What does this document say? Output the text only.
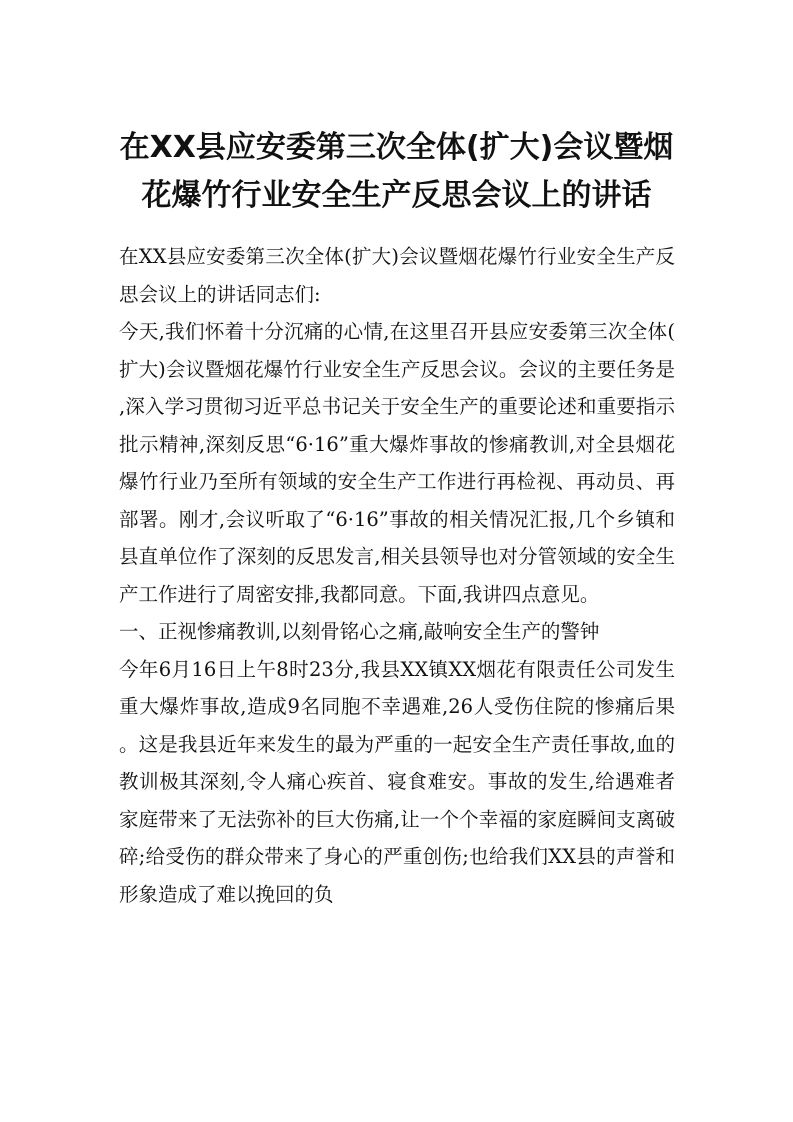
在XX县应安委第三次全体(扩大)会议暨烟
花爆竹行业安全生产反思会议上的讲话

在XX县应安委第三次全体(扩大)会议暨烟花爆竹行业安全生产反思会议上的讲话同志们:

今天,我们怀着十分沉痛的心情,在这里召开县应安委第三次全体(扩大)会议暨烟花爆竹行业安全生产反思会议。会议的主要任务是,深入学习贯彻习近平总书记关于安全生产的重要论述和重要指示批示精神,深刻反思“6·16”重大爆炸事故的惨痛教训,对全县烟花爆竹行业乃至所有领域的安全生产工作进行再检视、再动员、再部署。刚才,会议听取了“6·16”事故的相关情况汇报,几个乡镇和县直单位作了深刻的反思发言,相关县领导也对分管领域的安全生产工作进行了周密安排,我都同意。下面,我讲四点意见。

一、正视惨痛教训,以刻骨铭心之痛,敲响安全生产的警钟

今年6月16日上午8时23分,我县XX镇XX烟花有限责任公司发生重大爆炸事故,造成9名同胞不幸遇难,26人受伤住院的惨痛后果。这是我县近年来发生的最为严重的一起安全生产责任事故,血的教训极其深刻,令人痛心疾首、寝食难安。事故的发生,给遇难者家庭带来了无法弥补的巨大伤痛,让一个个幸福的家庭瞬间支离破碎;给受伤的群众带来了身心的严重创伤;也给我们XX县的声誉和形象造成了难以挽回的负
